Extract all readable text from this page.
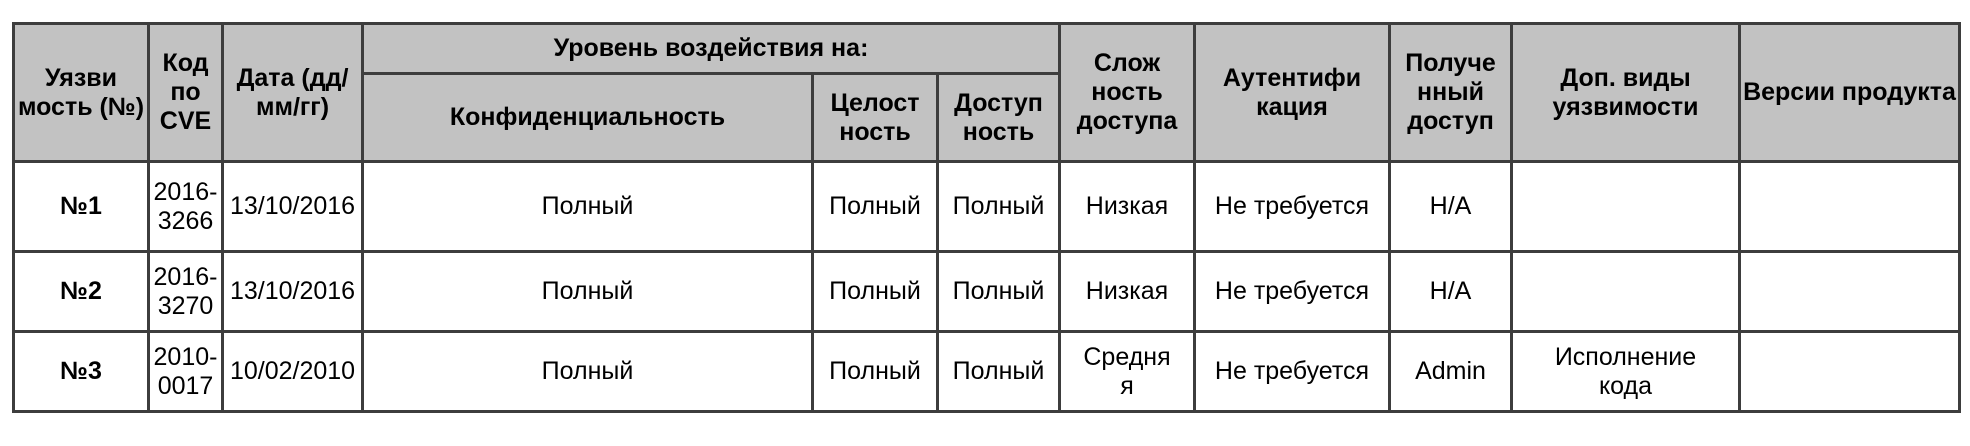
Уязви мость (№)	Код по CVE	Дата (дд/ мм/гг)	Уровень воздействия на:			Слож ность доступа	Аутентифи кация	Получе нный доступ	Доп. виды уязвимости	Версии продукта
			Конфиденциальность	Целост ность	Доступ ность					
№1	2016-3266	13/10/2016	Полный	Полный	Полный	Низкая	Не требуется	Н/А		
№2	2016-3270	13/10/2016	Полный	Полный	Полный	Низкая	Не требуется	Н/А		
№3	2010-0017	10/02/2010	Полный	Полный	Полный	Средняя	Не требуется	Admin	Исполнение кода	
